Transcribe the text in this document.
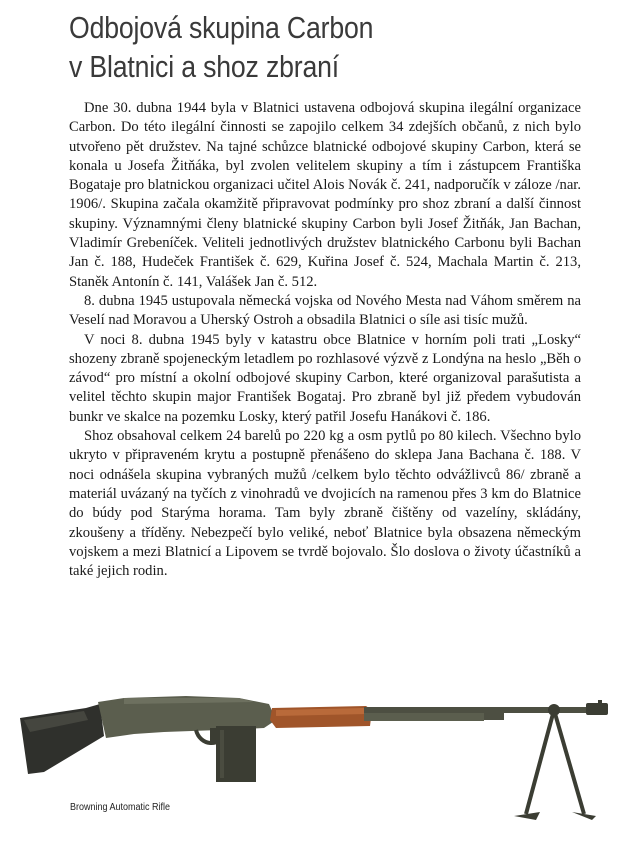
Odbojová skupina Carbon
v Blatnici a shoz zbraní

Dne 30. dubna 1944 byla v Blatnici ustavena odbojová skupina ilegální organizace Carbon. Do této ilegální činnosti se zapojilo celkem 34 zdejších občanů, z nich bylo utvořeno pět družstev. Na tajné schůzce blatnické odbojové skupiny Carbon, která se konala u Josefa Žitňáka, byl zvolen velitelem skupiny a tím i zástupcem Františka Bogataje pro blatnickou organizaci učitel Alois Novák č. 241, nadporučík v záloze /nar. 1906/. Skupina začala okamžitě připravovat podmínky pro shoz zbraní a další činnost skupiny. Významnými členy blatnické skupiny Carbon byli Josef Žitňák, Jan Bachan, Vladimír Grebeníček. Veliteli jednotlivých družstev blatnického Carbonu byli Bachan Jan č. 188, Hudeček František č. 629, Kuřina Josef č. 524, Machala Martin č. 213, Staněk Antonín č. 141, Valášek Jan č. 512.

8. dubna 1945 ustupovala německá vojska od Nového Mesta nad Váhom směrem na Veselí nad Moravou a Uherský Ostroh a obsadila Blatnici o síle asi tisíc mužů.

V noci 8. dubna 1945 byly v katastru obce Blatnice v horním poli trati „Losky“ shozeny zbraně spojeneckým letadlem po rozhlasové výzvě z Londýna na heslo „Běh o závod“ pro místní a okolní odbojové skupiny Carbon, které organizoval parašutista a velitel těchto skupin major František Bogataj. Pro zbraně byl již předem vybudován bunkr ve skalce na pozemku Losky, který patřil Josefu Hanákovi č. 186.

Shoz obsahoval celkem 24 barelů po 220 kg a osm pytlů po 80 kilech. Všechno bylo ukryto v připraveném krytu a postupně přenášeno do sklepa Jana Bachana č. 188. V noci odnášela skupina vybraných mužů /celkem bylo těchto odvážlivců 86/ zbraně a materiál uvázaný na tyčích z vinohradů ve dvojicích na ramenou přes 3 km do Blatnice do búdy pod Starýma horama. Tam byly zbraně čištěny od vazelíny, skládány, zkoušeny a tříděny. Nebezpečí bylo veliké, neboť Blatnice byla obsazena německým vojskem a mezi Blatnicí a Lipovem se tvrdě bojovalo. Šlo doslova o životy účastníků a také jejich rodin.

Browning Automatic Rifle
